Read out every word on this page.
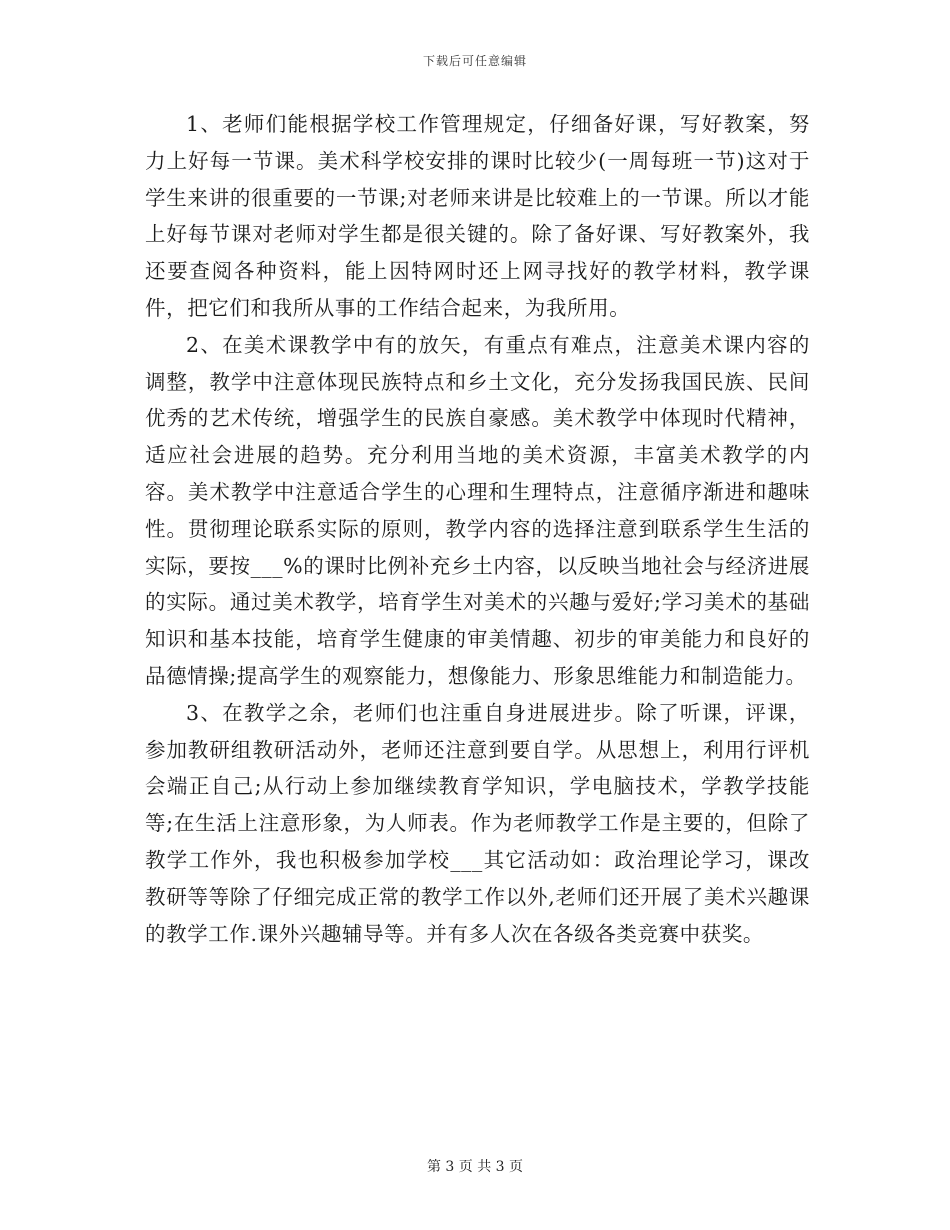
下载后可任意编辑

1、老师们能根据学校工作管理规定，仔细备好课，写好教案，努力上好每一节课。美术科学校安排的课时比较少(一周每班一节)这对于学生来讲的很重要的一节课;对老师来讲是比较难上的一节课。所以才能上好每节课对老师对学生都是很关键的。除了备好课、写好教案外，我还要查阅各种资料，能上因特网时还上网寻找好的教学材料，教学课件，把它们和我所从事的工作结合起来，为我所用。

2、在美术课教学中有的放矢，有重点有难点，注意美术课内容的调整，教学中注意体现民族特点和乡土文化，充分发扬我国民族、民间优秀的艺术传统，增强学生的民族自豪感。美术教学中体现时代精神，适应社会进展的趋势。充分利用当地的美术资源，丰富美术教学的内容。美术教学中注意适合学生的心理和生理特点，注意循序渐进和趣味性。贯彻理论联系实际的原则，教学内容的选择注意到联系学生生活的实际，要按___%的课时比例补充乡土内容，以反映当地社会与经济进展的实际。通过美术教学，培育学生对美术的兴趣与爱好;学习美术的基础知识和基本技能，培育学生健康的审美情趣、初步的审美能力和良好的品德情操;提高学生的观察能力，想像能力、形象思维能力和制造能力。

3、在教学之余，老师们也注重自身进展进步。除了听课，评课，参加教研组教研活动外，老师还注意到要自学。从思想上，利用行评机会端正自己;从行动上参加继续教育学知识，学电脑技术，学教学技能等;在生活上注意形象，为人师表。作为老师教学工作是主要的，但除了教学工作外，我也积极参加学校___其它活动如：政治理论学习，课改教研等等除了仔细完成正常的教学工作以外,老师们还开展了美术兴趣课的教学工作.课外兴趣辅导等。并有多人次在各级各类竞赛中获奖。

第 3 页 共 3 页
